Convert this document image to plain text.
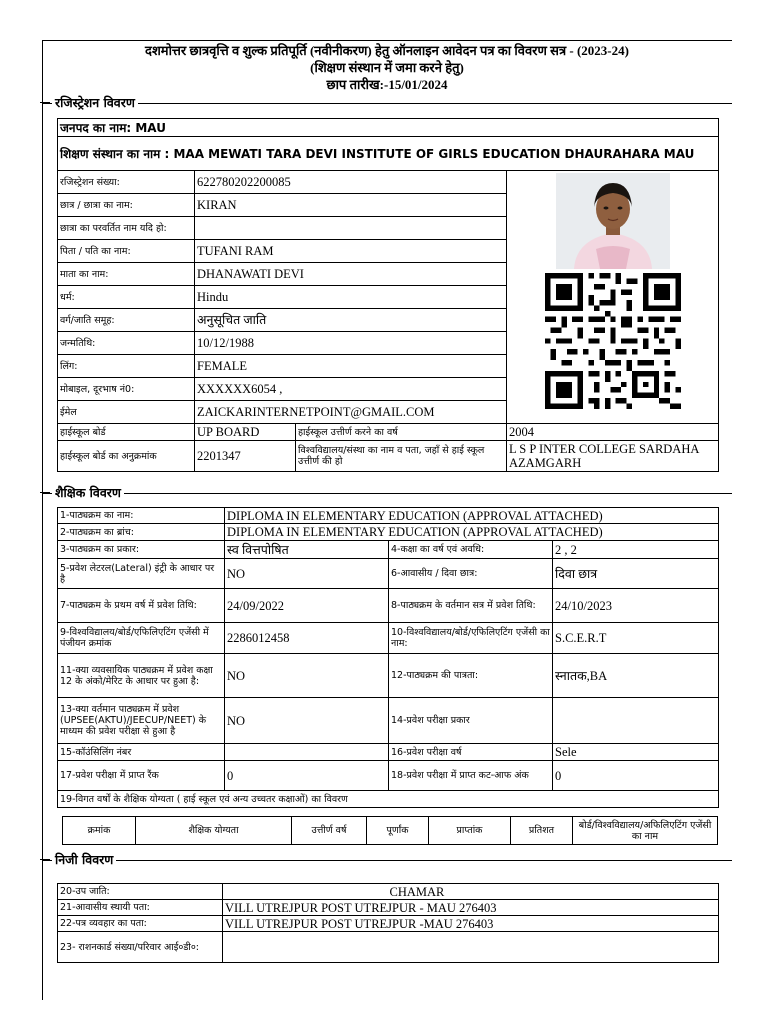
दशमोत्तर छात्रवृत्ति व शुल्क प्रतिपूर्ति (नवीनीकरण) हेतु ऑनलाइन आवेदन पत्र का विवरण सत्र - (2023-24)
(शिक्षण संस्थान में जमा करने हेतु)
छाप तारीख:-15/01/2024
रजिस्ट्रेशन विवरण
जनपद का नाम: MAU		
शिक्षण संस्थान का नाम : MAA MEWATI TARA DEVI INSTITUTE OF GIRLS EDUCATION DHAURAHARA MAU		
रजिस्ट्रेशन संख्या:	622780202200085	

छात्र / छात्रा का नाम:	KIRAN	
छात्रा का परवर्तित नाम यदि हो:		
पिता / पति का नाम:	TUFANI RAM	
माता का नाम:	DHANAWATI DEVI	
धर्म:	Hindu	
वर्ग/जाति समूह:	अनुसूचित जाति	
जन्मतिथि:	10/12/1988	
लिंग:	FEMALE	
मोबाइल, दूरभाष नं0:	XXXXXX6054 ,	
ईमेल	ZAICKARINTERNETPOINT@GMAIL.COM	
हाईस्कूल बोर्ड	UP BOARD	हाईस्कूल उत्तीर्ण करने का वर्ष	2004
हाईस्कूल बोर्ड का अनुक्रमांक	2201347	विश्वविद्यालय/संस्था का नाम व पता, जहाँ से हाई स्कूल उत्तीर्ण की हो	L S P INTER COLLEGE SARDAHA AZAMGARH
शैक्षिक विवरण
1-पाठ्यक्रम का नाम:	DIPLOMA IN ELEMENTARY EDUCATION (APPROVAL ATTACHED)		
2-पाठ्यक्रम का ब्रांच:	DIPLOMA IN ELEMENTARY EDUCATION (APPROVAL ATTACHED)		
3-पाठ्यक्रम का प्रकार:	स्व वित्तपोषित	4-कक्षा का वर्ष एवं अवधि:	2 , 2
5-प्रवेश लेटरल(Lateral) इंट्री के आधार पर है	NO	6-आवासीय / दिवा छात्र:	दिवा छात्र
7-पाठ्यक्रम के प्रथम वर्ष में प्रवेश तिथि:	24/09/2022	8-पाठ्यक्रम के वर्तमान सत्र में प्रवेश तिथि:	24/10/2023
9-विश्वविद्यालय/बोर्ड/एफिलिएटिंग एजेंसी में पंजीयन क्रमांक	2286012458	10-विश्वविद्यालय/बोर्ड/एफिलिएटिंग एजेंसी का नाम:	S.C.E.R.T
11-क्या व्यवसायिक पाठ्यक्रम में प्रवेश कक्षा 12 के अंको/मेरिट के आधार पर हुआ है:	NO	12-पाठ्यक्रम की पात्रता:	स्नातक,BA
13-क्या वर्तमान पाठ्यक्रम में प्रवेश (UPSEE(AKTU)/JEECUP/NEET) के माध्यम की प्रवेश परीक्षा से हुआ है	NO	14-प्रवेश परीक्षा प्रकार	
15-कॉउंसिलिंग नंबर		16-प्रवेश परीक्षा वर्ष	Sele
17-प्रवेश परीक्षा में प्राप्त रैंक	0	18-प्रवेश परीक्षा में प्राप्त कट-आफ अंक	0
19-विगत वर्षों के शैक्षिक योग्यता ( हाई स्कूल एवं अन्य उच्चतर कक्षाओं) का विवरण			
क्रमांक	शैक्षिक योग्यता	उत्तीर्ण वर्ष	पूर्णांक	प्राप्तांक	प्रतिशत	बोर्ड/विश्वविद्यालय/अफिलिएटिंग एजेंसी का नाम
निजी विवरण
20-उप जाति:		CHAMAR
21-आवासीय स्थायी पता:	VILL UTREJPUR POST UTREJPUR - MAU 276403	
22-पत्र व्यवहार का पता:	VILL UTREJPUR POST UTREJPUR -MAU 276403	
23- राशनकार्ड संख्या/परिवार आई०डी०:		
